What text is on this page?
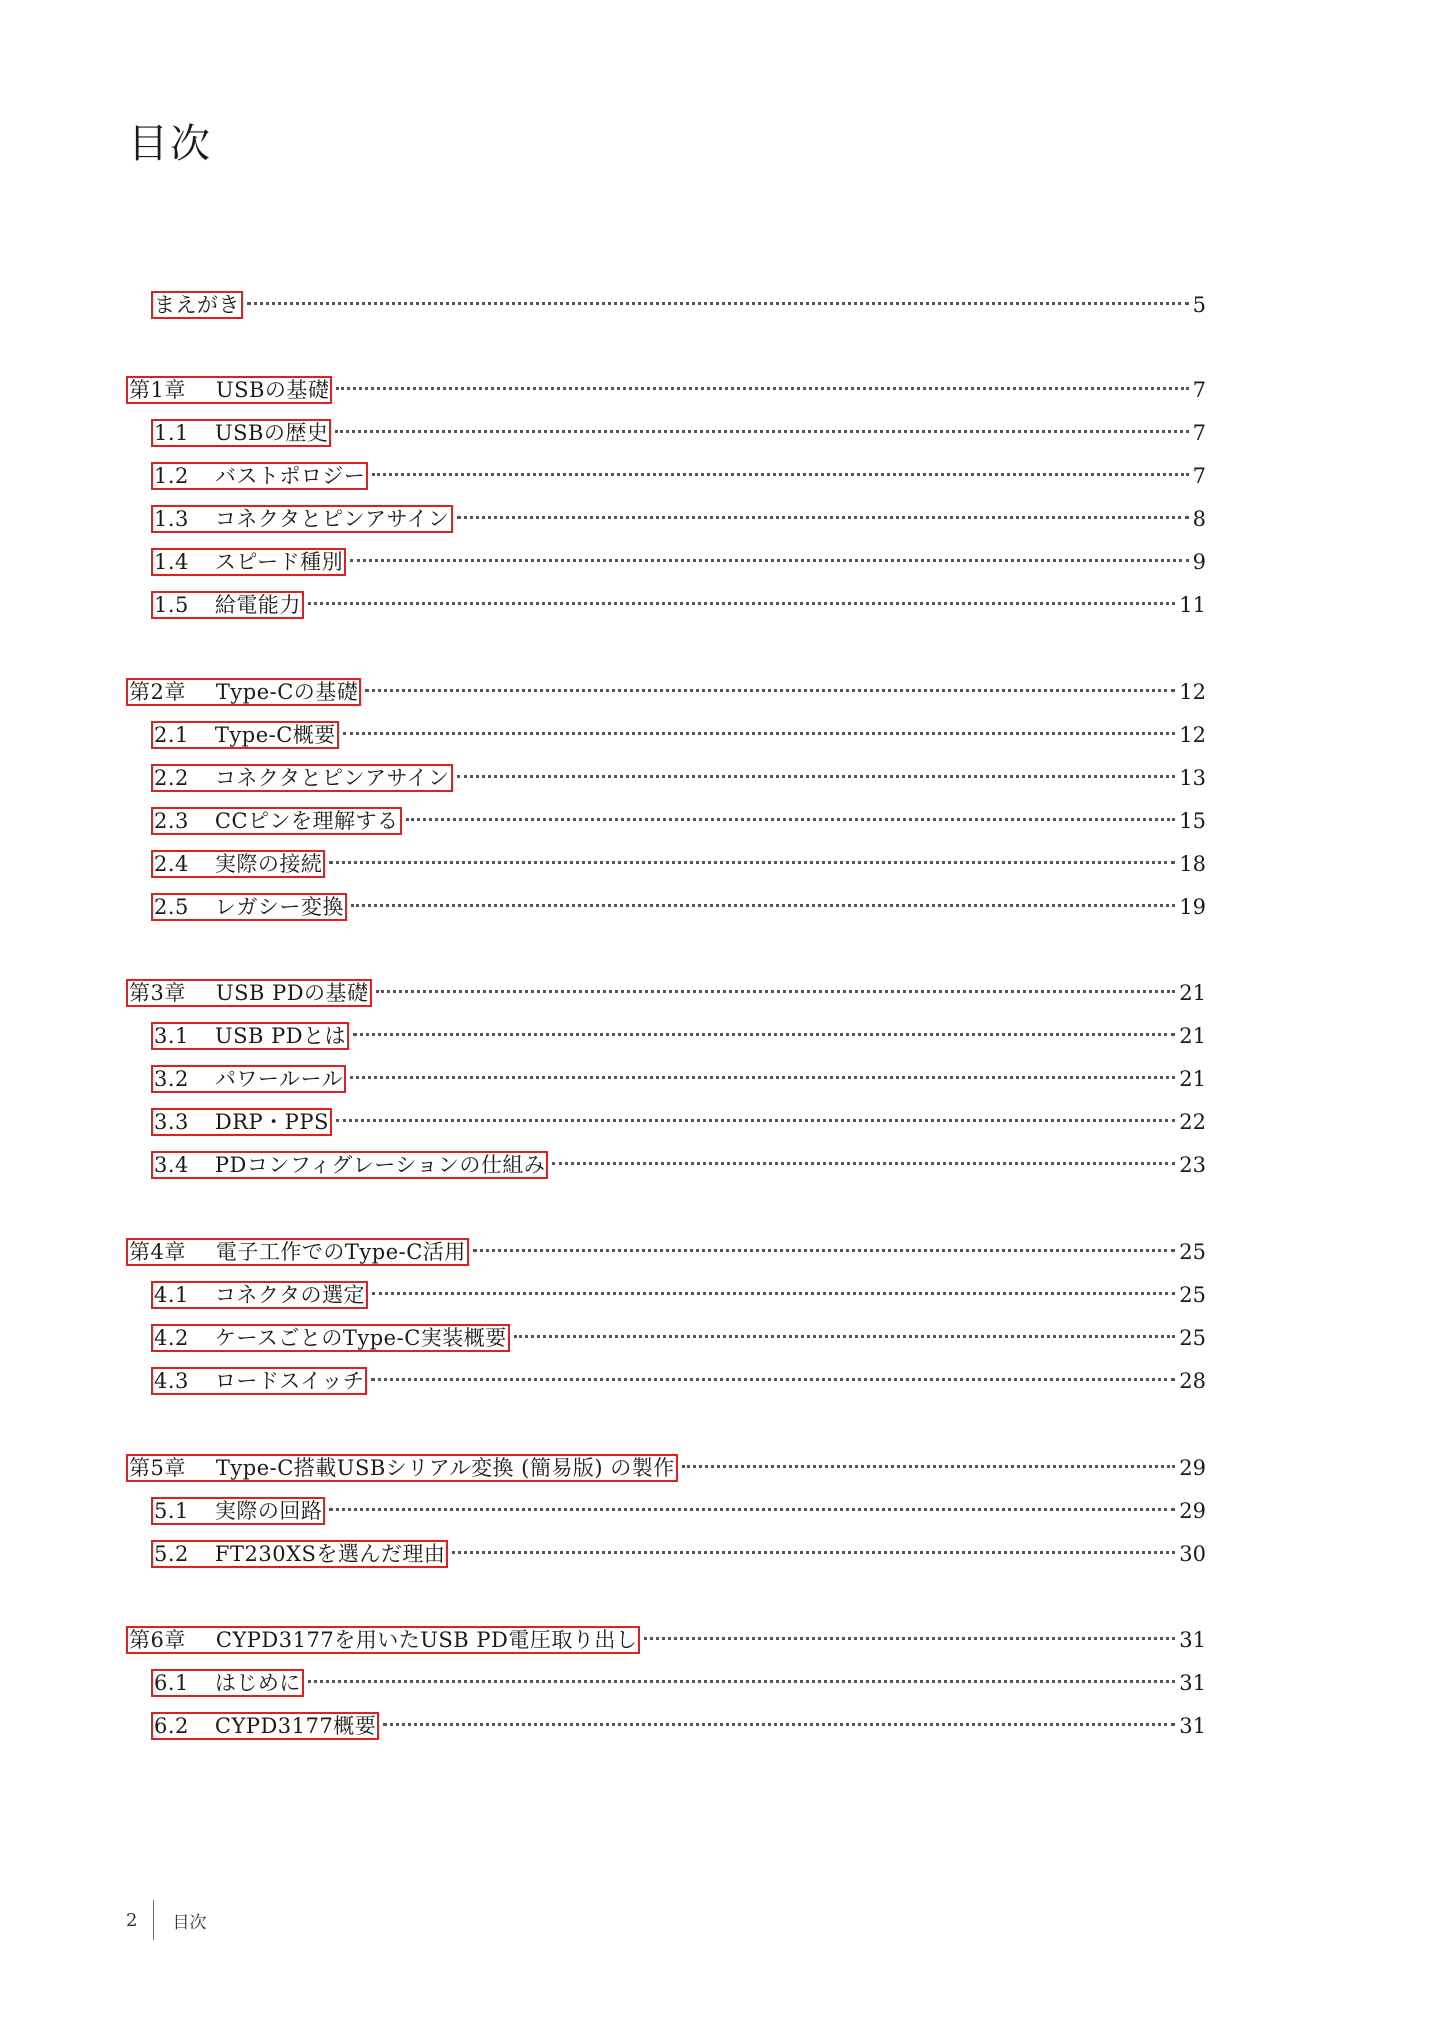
目次
まえがき	5
第1章 USBの基礎	7
1.1 USBの歴史	7
1.2 バストポロジー	7
1.3 コネクタとピンアサイン	8
1.4 スピード種別	9
1.5 給電能力	11
第2章 Type-Cの基礎	12
2.1 Type-C概要	12
2.2 コネクタとピンアサイン	13
2.3 CCピンを理解する	15
2.4 実際の接続	18
2.5 レガシー変換	19
第3章 USB PDの基礎	21
3.1 USB PDとは	21
3.2 パワールール	21
3.3 DRP・PPS	22
3.4 PDコンフィグレーションの仕組み	23
第4章 電子工作でのType-C活用	25
4.1 コネクタの選定	25
4.2 ケースごとのType-C実装概要	25
4.3 ロードスイッチ	28
第5章 Type-C搭載USBシリアル変換 (簡易版) の製作	29
5.1 実際の回路	29
5.2 FT230XSを選んだ理由	30
第6章 CYPD3177を用いたUSB PD電圧取り出し	31
6.1 はじめに	31
6.2 CYPD3177概要	31
2 目次
